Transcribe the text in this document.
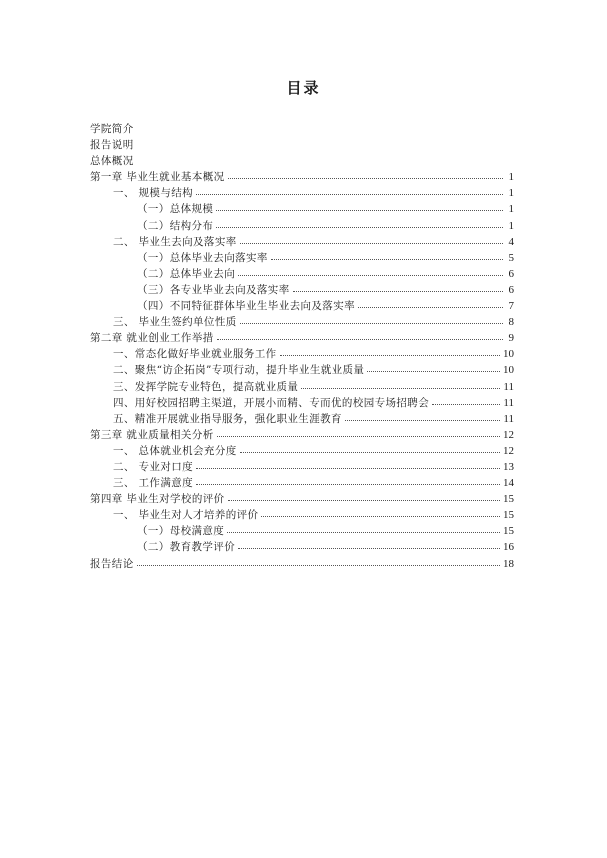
目录
学院简介
报告说明
总体概况
第一章 毕业生就业基本概况	1
一、 规模与结构	1
（一）总体规模	1
（二）结构分布	1
二、 毕业生去向及落实率	4
（一）总体毕业去向落实率	5
（二）总体毕业去向	6
（三）各专业毕业去向及落实率	6
（四）不同特征群体毕业生毕业去向及落实率	7
三、 毕业生签约单位性质	8
第二章 就业创业工作举措	9
一、常态化做好毕业就业服务工作	10
二、聚焦“访企拓岗”专项行动，提升毕业生就业质量	10
三、发挥学院专业特色，提高就业质量	11
四、用好校园招聘主渠道，开展小而精、专而优的校园专场招聘会	11
五、精准开展就业指导服务，强化职业生涯教育	11
第三章 就业质量相关分析	12
一、 总体就业机会充分度	12
二、 专业对口度	13
三、 工作满意度	14
第四章 毕业生对学校的评价	15
一、 毕业生对人才培养的评价	15
（一）母校满意度	15
（二）教育教学评价	16
报告结论	18
